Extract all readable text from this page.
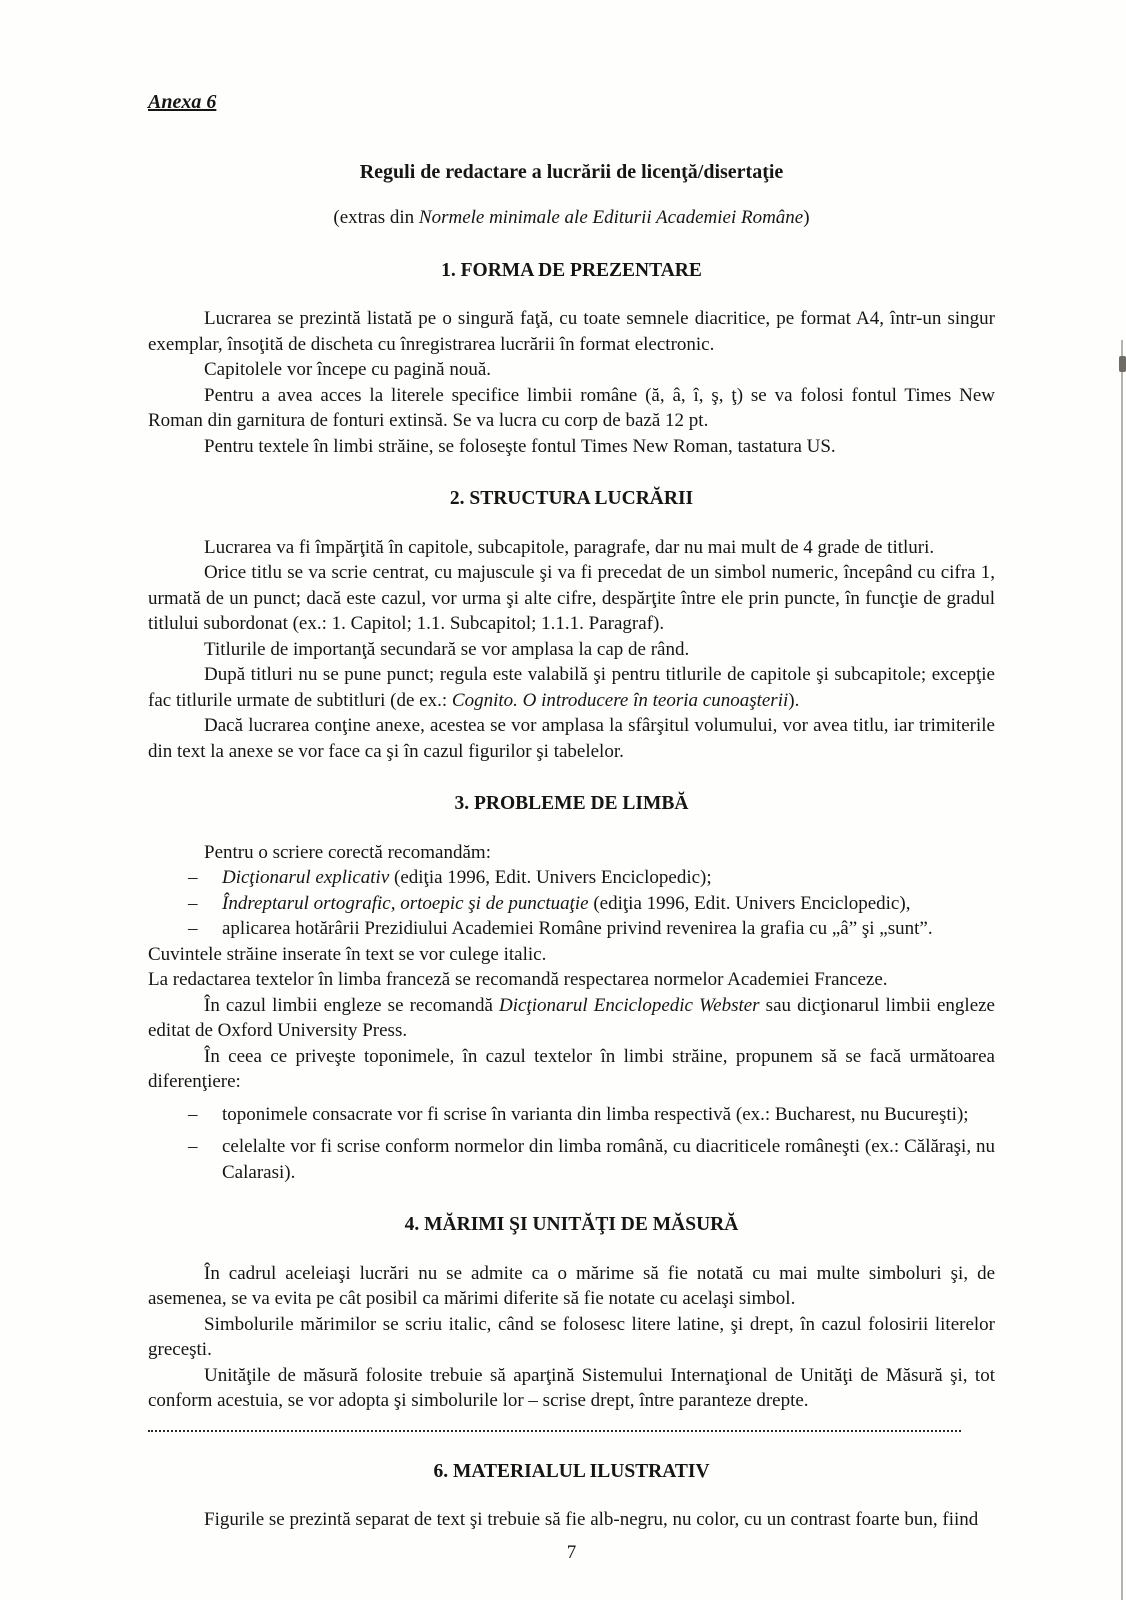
Anexa 6
Reguli de redactare a lucrării de licenţă/disertaţie
(extras din Normele minimale ale Editurii Academiei Române)
1. FORMA DE PREZENTARE

Lucrarea se prezintă listată pe o singură faţă, cu toate semnele diacritice, pe format A4, într-un singur exemplar, însoţită de discheta cu înregistrarea lucrării în format electronic.

Capitolele vor începe cu pagină nouă.

Pentru a avea acces la literele specifice limbii române (ă, â, î, ş, ţ) se va folosi fontul Times New Roman din garnitura de fonturi extinsă. Se va lucra cu corp de bază 12 pt.

Pentru textele în limbi străine, se foloseşte fontul Times New Roman, tastatura US.

2. STRUCTURA LUCRĂRII

Lucrarea va fi împărţită în capitole, subcapitole, paragrafe, dar nu mai mult de 4 grade de titluri.

Orice titlu se va scrie centrat, cu majuscule şi va fi precedat de un simbol numeric, începând cu cifra 1, urmată de un punct; dacă este cazul, vor urma şi alte cifre, despărţite între ele prin puncte, în funcţie de gradul titlului subordonat (ex.: 1. Capitol; 1.1. Subcapitol; 1.1.1. Paragraf).

Titlurile de importanţă secundară se vor amplasa la cap de rând.

După titluri nu se pune punct; regula este valabilă şi pentru titlurile de capitole şi subcapitole; excepţie fac titlurile urmate de subtitluri (de ex.: Cognito. O introducere în teoria cunoaşterii).

Dacă lucrarea conţine anexe, acestea se vor amplasa la sfârşitul volumului, vor avea titlu, iar trimiterile din text la anexe se vor face ca şi în cazul figurilor şi tabelelor.

3. PROBLEME DE LIMBĂ

Pentru o scriere corectă recomandăm:

– Dicţionarul explicativ (ediţia 1996, Edit. Univers Enciclopedic);
– Îndreptarul ortografic, ortoepic şi de punctuaţie (ediţia 1996, Edit. Univers Enciclopedic),
– aplicarea hotărârii Prezidiului Academiei Române privind revenirea la grafia cu „â” şi „sunt”.

Cuvintele străine inserate în text se vor culege italic.

La redactarea textelor în limba franceză se recomandă respectarea normelor Academiei Franceze.

În cazul limbii engleze se recomandă Dicţionarul Enciclopedic Webster sau dicţionarul limbii engleze editat de Oxford University Press.

În ceea ce priveşte toponimele, în cazul textelor în limbi străine, propunem să se facă următoarea diferenţiere:

– toponimele consacrate vor fi scrise în varianta din limba respectivă (ex.: Bucharest, nu Bucureşti);
– celelalte vor fi scrise conform normelor din limba română, cu diacriticele româneşti (ex.: Călăraşi, nu Calarasi).
4. MĂRIMI ŞI UNITĂŢI DE MĂSURĂ

În cadrul aceleiaşi lucrări nu se admite ca o mărime să fie notată cu mai multe simboluri şi, de asemenea, se va evita pe cât posibil ca mărimi diferite să fie notate cu acelaşi simbol.

Simbolurile mărimilor se scriu italic, când se folosesc litere latine, şi drept, în cazul folosirii literelor greceşti.

Unităţile de măsură folosite trebuie să aparţină Sistemului Internaţional de Unităţi de Măsură şi, tot conform acestuia, se vor adopta şi simbolurile lor – scrise drept, între paranteze drepte.

6. MATERIALUL ILUSTRATIV

Figurile se prezintă separat de text şi trebuie să fie alb-negru, nu color, cu un contrast foarte bun, fiind

7
